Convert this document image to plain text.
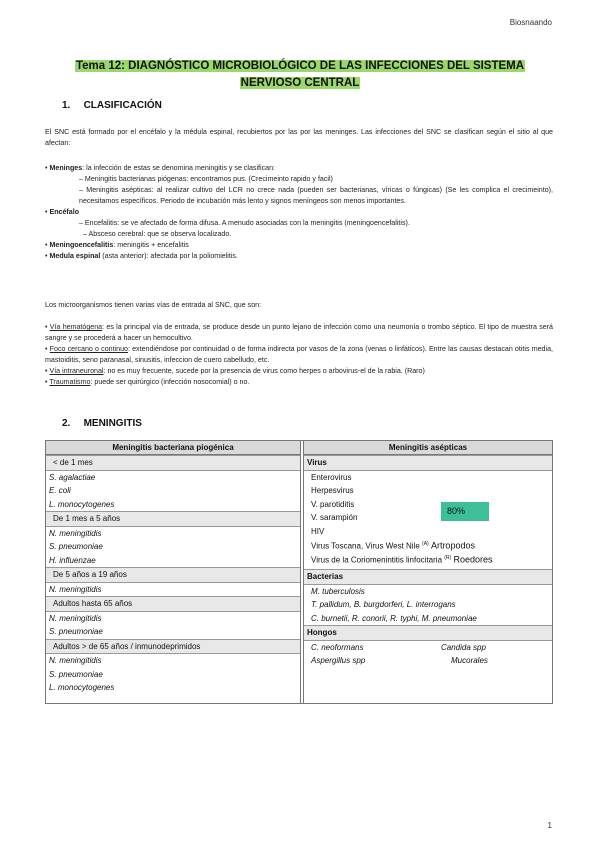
Biosnaando
Tema 12: DIAGNÓSTICO MICROBIOLÓGICO DE LAS INFECCIONES DEL SISTEMA
NERVIOSO CENTRAL
1. CLASIFICACIÓN
El SNC está formado por el encéfalo y la médula espinal, recubiertos por las por las meninges. Las infecciones del SNC se clasifican según el sitio al que afectan:
• Meninges: la infección de estas se denomina meningitis y se clasifican:
– Meningitis bacterianas piógenas: encontramos pus. (Crecimeinto rapido y facil)
– Meningitis asépticas: al realizar cultivo del LCR no crece nada (pueden ser bacterianas, víricas o fúngicas) (Se les complica el crecimeinto), necesitamos específicos. Periodo de incubación más lento y signos meníngeos son menos importantes.
• Encéfalo
– Encefalitis: se ve afectado de forma difusa. A menudo asociadas con la meningitis (meningoencefalitis).
– Absceso cerebral: que se observa localizado.
• Meningoencefalitis: meningitis + encefalitis
• Medula espinal (asta anterior): afectada por la poliomielitis.
Los microorganismos tienen varias vías de entrada al SNC, que son:
• Vía hematógena: es la principal vía de entrada, se produce desde un punto lejano de infección como una neumonía o trombo séptico. El tipo de muestra será sangre y se procederá a hacer un hemocultivo.
• Foco cercano o continuo: extendiéndose por continuidad o de forma indirecta por vasos de la zona (venas o linfáticos). Entre las causas destacan otitis media, mastoiditis, seno paranasal, sinusitis, infeccion de cuero cabelludo, etc.
• Vía intraneuronal: no es muy frecuente, sucede por la presencia de virus como herpes o arbovirus-el de la rabia. (Raro)
• Traumatismo: puede ser quirúrgico (infección nosocomial) o no.
2. MENINGITIS
Meningitis bacteriana piogénica
< de 1 mes
S. agalactiae
E. coli
L. monocytogenes
De 1 mes a 5 años
N. meningitidis
S. pneumoniae
H. influenzae
De 5 años a 19 años
N. meningitidis
Adultos hasta 65 años
N. meningitidis
S. pneumoniae
Adultos > de 65 años / inmunodeprimidos
N. meningitidis
S. pneumoniae
L. monocytogenes
Meningitis asépticas
Virus
Enterovirus
Herpesvirus
V. parotiditis
V. sarampión
HIV
Virus Toscana, Virus West Nile $^{(A)}$ Artropodos
Virus de la Coriomenintitis linfocitaria $^{(R)}$ Roedores
Bacterias
M. tuberculosis
T. pallidum, B. burgdorferi, L. interrogans
C. burnetii, R. conorii, R. typhi, M. pneumoniae
Hongos
C. neoformans	Candida spp
Aspergillus spp	Mucorales
80%
1
